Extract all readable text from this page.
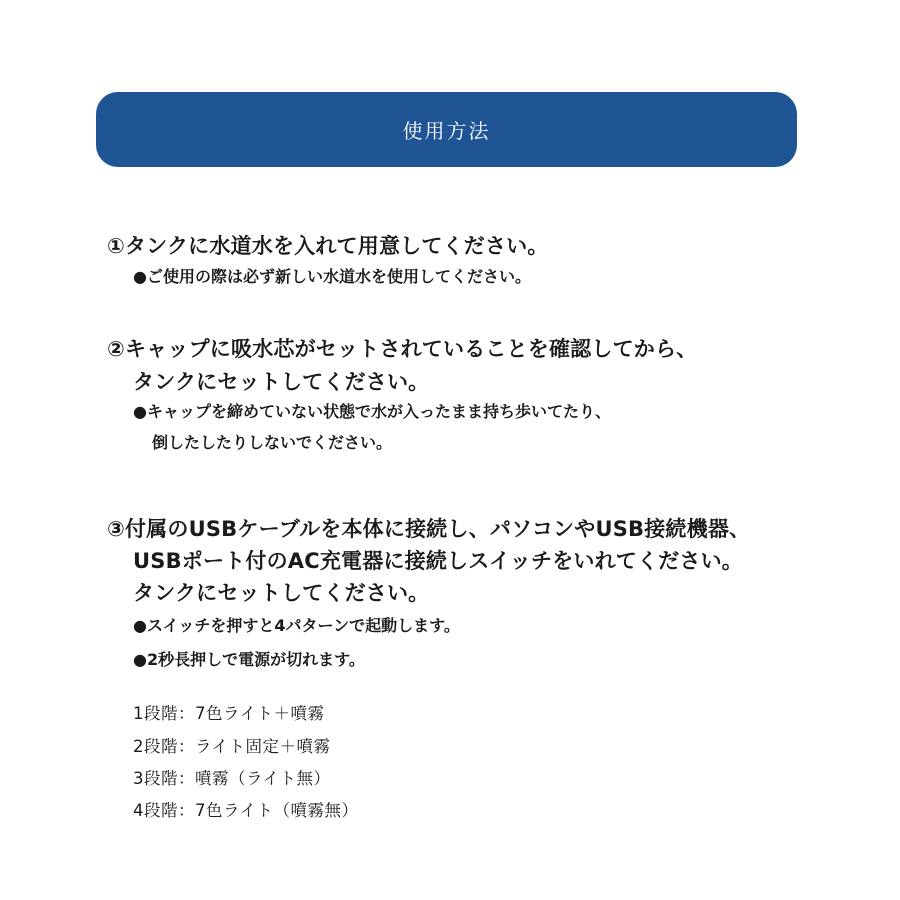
使用方法
①タンクに水道水を入れて用意してください。
●ご使用の際は必ず新しい水道水を使用してください。
②キャップに吸水芯がセットされていることを確認してから、
タンクにセットしてください。
●キャップを締めていない状態で水が入ったまま持ち歩いてたり、
倒したしたりしないでください。
③付属のUSBケーブルを本体に接続し、パソコンやUSB接続機器、
USBポート付のAC充電器に接続しスイッチをいれてください。
タンクにセットしてください。
●スイッチを押すと4パターンで起動します。
●2秒長押しで電源が切れます。
1段階：7色ライト＋噴霧
2段階：ライト固定＋噴霧
3段階：噴霧（ライト無）
4段階：7色ライト（噴霧無）
